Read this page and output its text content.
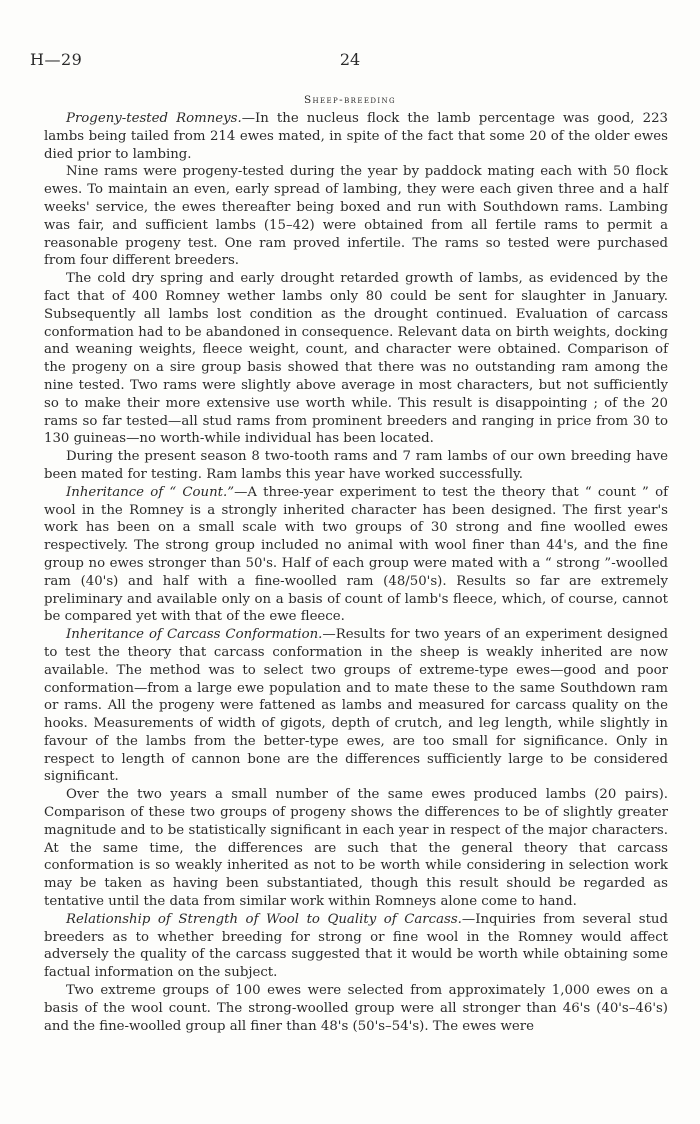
H—29	24
Sheep-breeding

Progeny-tested Romneys.—In the nucleus flock the lamb percentage was good, 223 lambs being tailed from 214 ewes mated, in spite of the fact that some 20 of the older ewes died prior to lambing.

Nine rams were progeny-tested during the year by paddock mating each with 50 flock ewes. To maintain an even, early spread of lambing, they were each given three and a half weeks' service, the ewes thereafter being boxed and run with Southdown rams. Lambing was fair, and sufficient lambs (15–42) were obtained from all fertile rams to permit a reasonable progeny test. One ram proved infertile. The rams so tested were purchased from four different breeders.

The cold dry spring and early drought retarded growth of lambs, as evidenced by the fact that of 400 Romney wether lambs only 80 could be sent for slaughter in January. Subsequently all lambs lost condition as the drought continued. Evaluation of carcass conformation had to be abandoned in consequence. Relevant data on birth weights, docking and weaning weights, fleece weight, count, and character were obtained. Comparison of the progeny on a sire group basis showed that there was no outstanding ram among the nine tested. Two rams were slightly above average in most characters, but not sufficiently so to make their more extensive use worth while. This result is disappointing ; of the 20 rams so far tested—all stud rams from prominent breeders and ranging in price from 30 to 130 guineas—no worth-while individual has been located.

During the present season 8 two-tooth rams and 7 ram lambs of our own breeding have been mated for testing. Ram lambs this year have worked successfully.

Inheritance of “ Count.”—A three-year experiment to test the theory that “ count ” of wool in the Romney is a strongly inherited character has been designed. The first year's work has been on a small scale with two groups of 30 strong and fine woolled ewes respectively. The strong group included no animal with wool finer than 44's, and the fine group no ewes stronger than 50's. Half of each group were mated with a “ strong ”-woolled ram (40's) and half with a fine-woolled ram (48/50's). Results so far are extremely preliminary and available only on a basis of count of lamb's fleece, which, of course, cannot be compared yet with that of the ewe fleece.

Inheritance of Carcass Conformation.—Results for two years of an experiment designed to test the theory that carcass conformation in the sheep is weakly inherited are now available. The method was to select two groups of extreme-type ewes—good and poor conformation—from a large ewe population and to mate these to the same Southdown ram or rams. All the progeny were fattened as lambs and measured for carcass quality on the hooks. Measurements of width of gigots, depth of crutch, and leg length, while slightly in favour of the lambs from the better-type ewes, are too small for significance. Only in respect to length of cannon bone are the differences sufficiently large to be considered significant.

Over the two years a small number of the same ewes produced lambs (20 pairs). Comparison of these two groups of progeny shows the differences to be of slightly greater magnitude and to be statistically significant in each year in respect of the major characters. At the same time, the differences are such that the general theory that carcass conformation is so weakly inherited as not to be worth while considering in selection work may be taken as having been substantiated, though this result should be regarded as tentative until the data from similar work within Romneys alone come to hand.

Relationship of Strength of Wool to Quality of Carcass.—Inquiries from several stud breeders as to whether breeding for strong or fine wool in the Romney would affect adversely the quality of the carcass suggested that it would be worth while obtaining some factual information on the subject.

Two extreme groups of 100 ewes were selected from approximately 1,000 ewes on a basis of the wool count. The strong-woolled group were all stronger than 46's (40's–46's) and the fine-woolled group all finer than 48's (50's–54's). The ewes were
